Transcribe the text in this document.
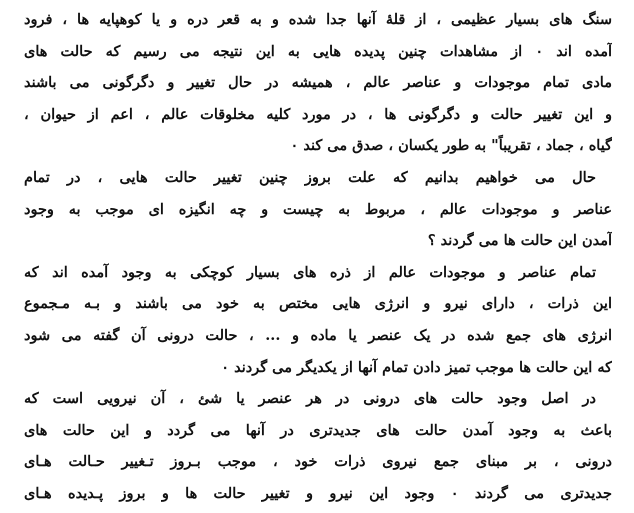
سنگ های بسیار عظیمی ، از قلۀ آنها جدا شده و به قعر دره و یا کوهپایه ها ، فرود
آمده اند ۰ از مشاهدات چنین پدیده هایی به این نتیجه می رسیم که حالت های
مادی تمام موجودات و عناصر عالم ، همیشه در حال تغییر و دگرگونی می باشند
و این تغییر حالت و دگرگونی ها ، در مورد کلیه مخلوقات عالم ، اعم از حیوان ،
گیاه ، جماد ، تقریباً" به طور یکسان ، صدق می کند ۰
حال می خواهیم بدانیم که علت بروز چنین تغییر حالت هایی ، در تمام
عناصر و موجودات عالم ، مربوط به چیست و چه انگیزه ای موجب به وجود
آمدن این حالت ها می گردند ؟
تمام عناصر و موجودات عالم از ذره های بسیار کوچکی به وجود آمده اند که
این ذرات ، دارای نیرو و انرژی هایی مختص به خود می باشند و بـه مـجموع
انرژی های جمع شده در یک عنصر یا ماده و ... ، حالت درونی آن گفته می شود
که این حالت ها موجب تمیز دادن تمام آنها از یکدیگر می گردند ۰
در اصل وجود حالت های درونی در هر عنصر یا شئ ، آن نیرویی است که
باعث به وجود آمدن حالت های جدیدتری در آنها می گردد و این حالت های
درونی ، بر مبنای جمع نیروی ذرات خود ، موجب بـروز تـغییر حـالت هـای
جدیدتری می گردند ۰ وجود این نیرو و تغییر حالت ها و بروز پـدیده هـای
